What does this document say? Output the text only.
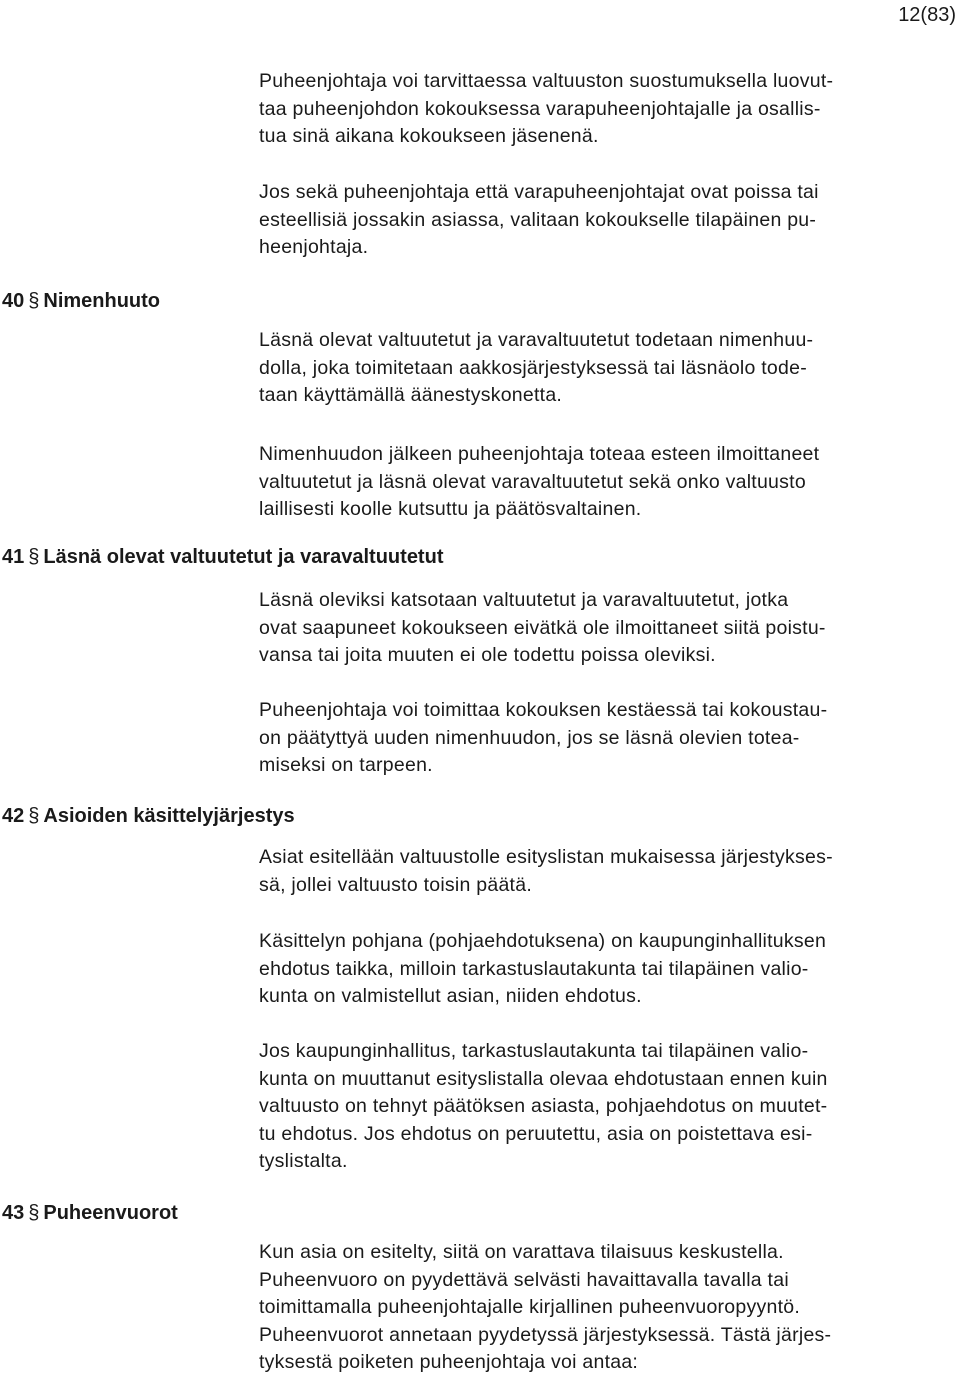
12(83)
40 § Nimenhuuto
41 § Läsnä olevat valtuutetut ja varavaltuutetut
42 § Asioiden käsittelyjärjestys
43 § Puheenvuorot
Puheenjohtaja voi tarvittaessa valtuuston suostumuksella luovut-
taa puheenjohdon kokouksessa varapuheenjohtajalle ja osallis-
tua sinä aikana kokoukseen jäsenenä.
Jos sekä puheenjohtaja että varapuheenjohtajat ovat poissa tai
esteellisiä jossakin asiassa, valitaan kokoukselle tilapäinen pu-
heenjohtaja.
Läsnä olevat valtuutetut ja varavaltuutetut todetaan nimenhuu-
dolla, joka toimitetaan aakkosjärjestyksessä tai läsnäolo tode-
taan käyttämällä äänestyskonetta.
Nimenhuudon jälkeen puheenjohtaja toteaa esteen ilmoittaneet
valtuutetut ja läsnä olevat varavaltuutetut sekä onko valtuusto
laillisesti koolle kutsuttu ja päätösvaltainen.
Läsnä oleviksi katsotaan valtuutetut ja varavaltuutetut, jotka
ovat saapuneet kokoukseen eivätkä ole ilmoittaneet siitä poistu-
vansa tai joita muuten ei ole todettu poissa oleviksi.
Puheenjohtaja voi toimittaa kokouksen kestäessä tai kokoustau-
on päätyttyä uuden nimenhuudon, jos se läsnä olevien totea-
miseksi on tarpeen.
Asiat esitellään valtuustolle esityslistan mukaisessa järjestykses-
sä, jollei valtuusto toisin päätä.
Käsittelyn pohjana (pohjaehdotuksena) on kaupunginhallituksen
ehdotus taikka, milloin tarkastuslautakunta tai tilapäinen valio-
kunta on valmistellut asian, niiden ehdotus.
Jos kaupunginhallitus, tarkastuslautakunta tai tilapäinen valio-
kunta on muuttanut esityslistalla olevaa ehdotustaan ennen kuin
valtuusto on tehnyt päätöksen asiasta, pohjaehdotus on muutet-
tu ehdotus. Jos ehdotus on peruutettu, asia on poistettava esi-
tyslistalta.
Kun asia on esitelty, siitä on varattava tilaisuus keskustella.
Puheenvuoro on pyydettävä selvästi havaittavalla tavalla tai
toimittamalla puheenjohtajalle kirjallinen puheenvuoropyyntö.
Puheenvuorot annetaan pyydetyssä järjestyksessä. Tästä järjes-
tyksestä poiketen puheenjohtaja voi antaa:
